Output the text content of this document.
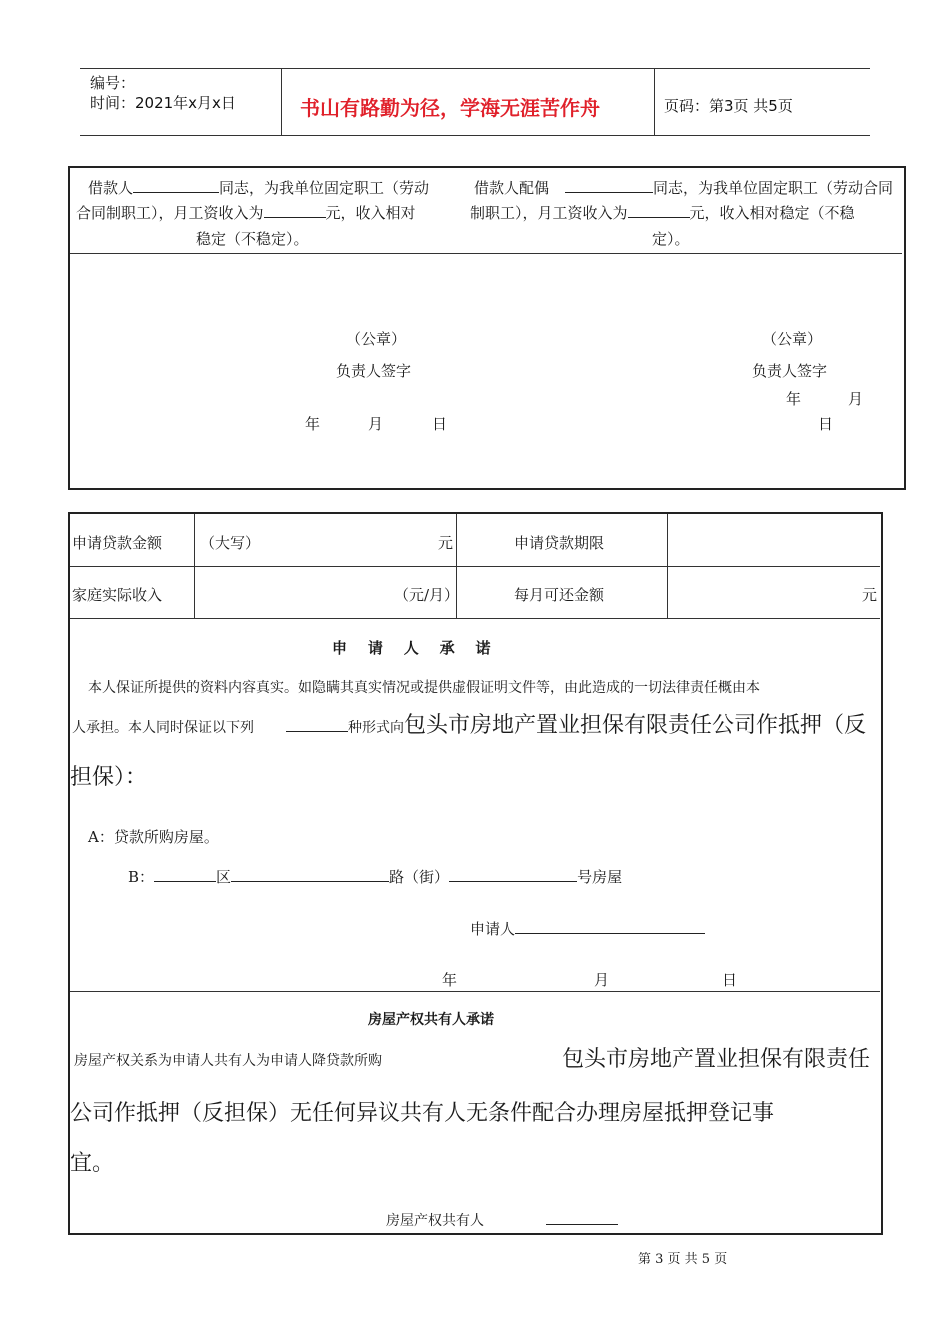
编号：
时间：2021年x月x日	书山有路勤为径，学海无涯苦作舟	页码：第3页 共5页
借款人	同志，为我单位固定职工（劳动
合同制职工），月工资收入为	元，收入相对
稳定（不稳定）。
借款人配偶	同志，为我单位固定职工（劳动合同
制职工），月工资收入为	元，收入相对稳定（不稳
定）。
（公章）
负责人签字
年	月	日
（公章）
负责人签字
年	月
日
申请贷款金额	（大写）	元	申请贷款期限
家庭实际收入	（元/月）	每月可还金额	元
申    请    人    承    诺
本人保证所提供的资料内容真实。如隐瞒其真实情况或提供虚假证明文件等，由此造成的一切法律责任概由本
人承担。本人同时保证以下列	种形式向包头市房地产置业担保有限责任公司作抵押（反
担保）：
A：贷款所购房屋。
B：	区	路（街）	号房屋
申请人
年	月	日
房屋产权共有人承诺
房屋产权关系为申请人共有人为申请人降贷款所购	包头市房地产置业担保有限责任
公司作抵押（反担保）无任何异议共有人无条件配合办理房屋抵押登记事
宜。
房屋产权共有人
第 3 页 共 5 页
